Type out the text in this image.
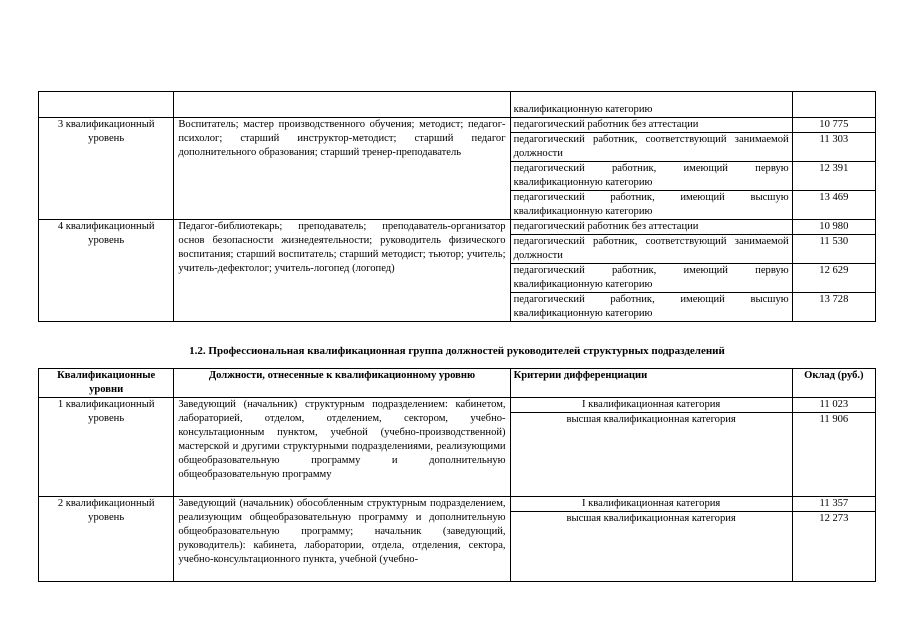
		квалификационную категорию	
3 квалификационный уровень	Воспитатель; мастер производственного обучения; методист; педагог-психолог; старший инструктор-методист; старший педагог дополнительного образования; старший тренер-преподаватель	педагогический работник без аттестации	10 775
		педагогический работник, соответствующий занимаемой должности	11 303
		педагогический работник, имеющий первую квалификационную категорию	12 391
		педагогический работник, имеющий высшую квалификационную категорию	13 469
4 квалификационный уровень	Педагог-библиотекарь; преподаватель; преподаватель-организатор основ безопасности жизнедеятельности; руководитель физического воспитания; старший воспитатель; старший методист; тьютор; учитель; учитель-дефектолог; учитель-логопед (логопед)	педагогический работник без аттестации	10 980
		педагогический работник, соответствующий занимаемой должности	11 530
		педагогический работник, имеющий первую квалификационную категорию	12 629
		педагогический работник, имеющий высшую квалификационную категорию	13 728
1.2. Профессиональная квалификационная группа должностей руководителей структурных подразделений
Квалификационные уровни	Должности, отнесенные к квалификационному уровню	Критерии дифференциации	Оклад (руб.)
1 квалификационный уровень	Заведующий (начальник) структурным подразделением: кабинетом, лабораторией, отделом, отделением, сектором, учебно-консультационным пунктом, учебной (учебно-производственной) мастерской и другими структурными подразделениями, реализующими общеобразовательную программу и дополнительную общеобразовательную программу	I квалификационная категория	11 023
		высшая квалификационная категория	11 906
2 квалификационный уровень	Заведующий (начальник) обособленным структурным подразделением, реализующим общеобразовательную программу и дополнительную общеобразовательную программу; начальник (заведующий, руководитель): кабинета, лаборатории, отдела, отделения, сектора, учебно-консультационного пункта, учебной (учебно-	I квалификационная категория	11 357
		высшая квалификационная категория	12 273
